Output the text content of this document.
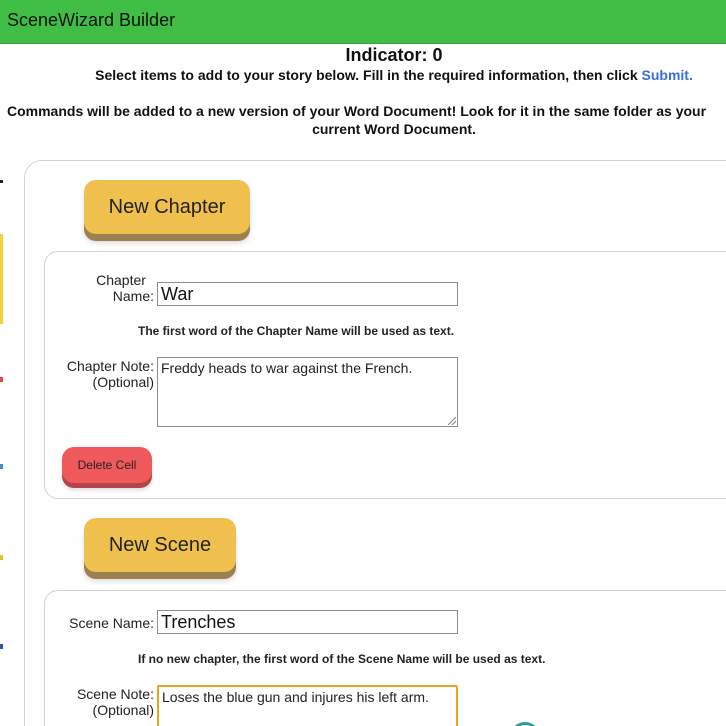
SceneWizard Builder
Indicator: 0
Select items to add to your story below. Fill in the required information, then click Submit.
Commands will be added to a new version of your Word Document! Look for it in the same folder as your
current Word Document.
New Chapter
Chapter
Name:
War
The first word of the Chapter Name will be used as text.
Chapter Note:
(Optional)
Freddy heads to war against the French.
Delete Cell
New Scene
Scene Name:
Trenches
If no new chapter, the first word of the Scene Name will be used as text.
Scene Note:
(Optional)
Loses the blue gun and injures his left arm.
